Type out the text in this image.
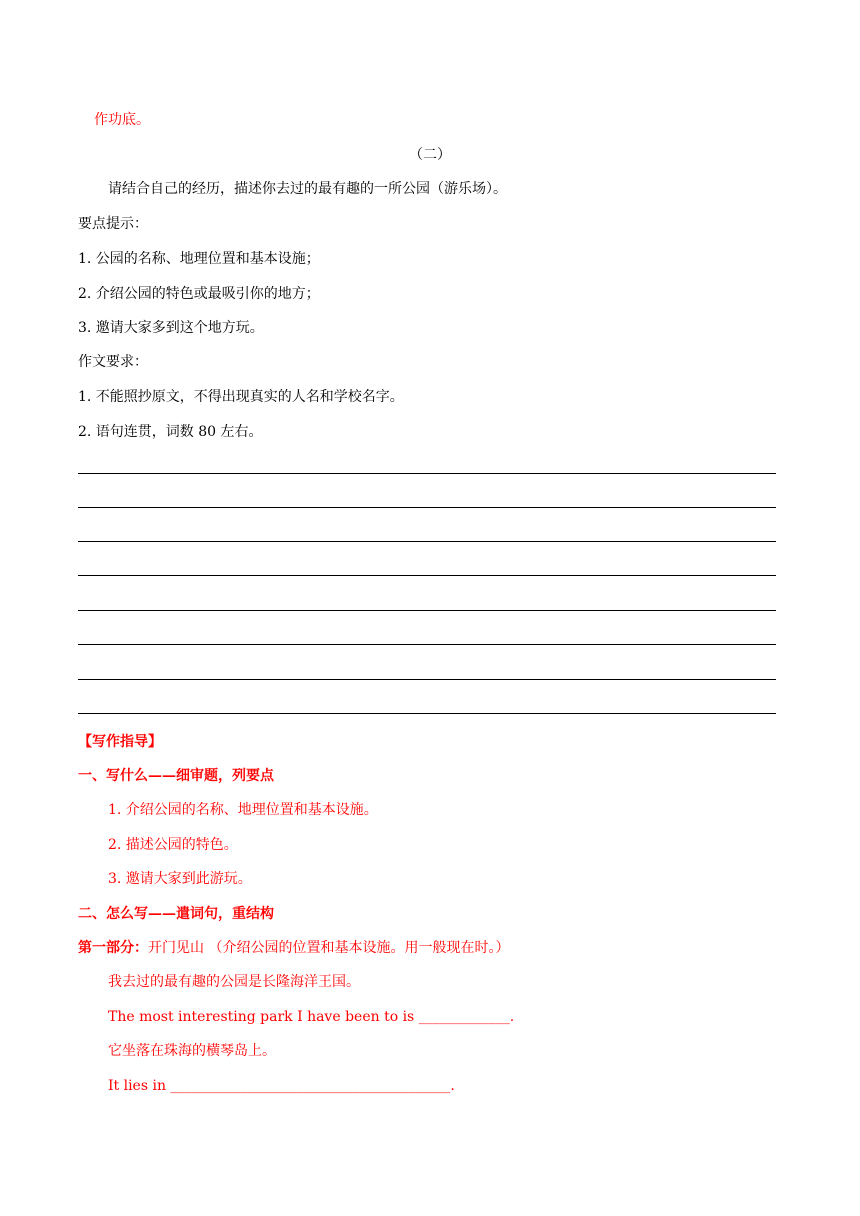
作功底。
（二）
请结合自己的经历，描述你去过的最有趣的一所公园（游乐场）。
要点提示：
1. 公园的名称、地理位置和基本设施；
2. 介绍公园的特色或最吸引你的地方；
3. 邀请大家多到这个地方玩。
作文要求：
1. 不能照抄原文，不得出现真实的人名和学校名字。
2. 语句连贯，词数 80 左右。
【写作指导】
一、写什么——细审题，列要点
1. 介绍公园的名称、地理位置和基本设施。
2. 描述公园的特色。
3. 邀请大家到此游玩。
二、怎么写——遣词句，重结构
第一部分：开门见山 （介绍公园的位置和基本设施。用一般现在时。）
我去过的最有趣的公园是长隆海洋王国。
The most interesting park I have been to is _____________.
它坐落在珠海的横琴岛上。
It lies in ________________________________________.
